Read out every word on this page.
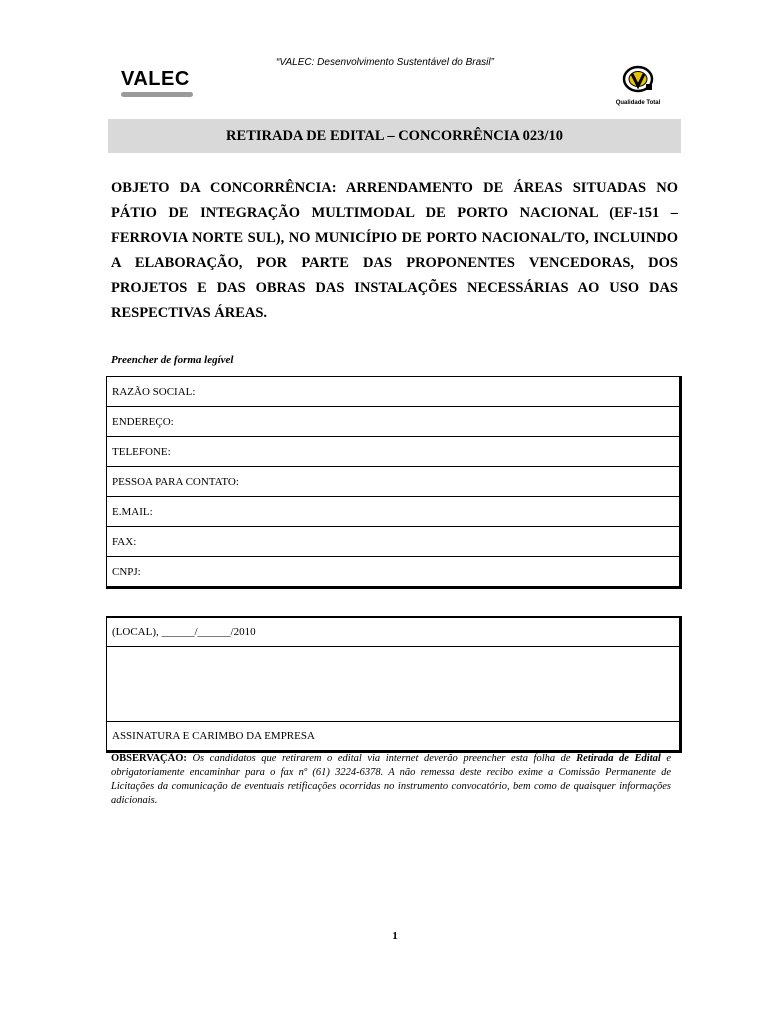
“VALEC: Desenvolvimento Sustentável do Brasil”
VALEC
Qualidade Total
RETIRADA DE EDITAL – CONCORRÊNCIA 023/10
OBJETO DA CONCORRÊNCIA: ARRENDAMENTO DE ÁREAS SITUADAS NO PÁTIO DE INTEGRAÇÃO MULTIMODAL DE PORTO NACIONAL (EF-151 – FERROVIA NORTE SUL), NO MUNICÍPIO DE PORTO NACIONAL/TO, INCLUINDO A ELABORAÇÃO, POR PARTE DAS PROPONENTES VENCEDORAS, DOS PROJETOS E DAS OBRAS DAS INSTALAÇÕES NECESSÁRIAS AO USO DAS RESPECTIVAS ÁREAS.
Preencher de forma legível
RAZÃO SOCIAL:
ENDEREÇO:
TELEFONE:
PESSOA PARA CONTATO:
E.MAIL:
FAX:
CNPJ:
(LOCAL), ______/______/2010

ASSINATURA E CARIMBO DA EMPRESA
OBSERVAÇÃO: Os candidatos que retirarem o edital via internet deverão preencher esta folha de Retirada de Edital e obrigatoriamente encaminhar para o fax nº (61) 3224-6378. A não remessa deste recibo exime a Comissão Permanente de Licitações da comunicação de eventuais retificações ocorridas no instrumento convocatório, bem como de quaisquer informações adicionais.
1
